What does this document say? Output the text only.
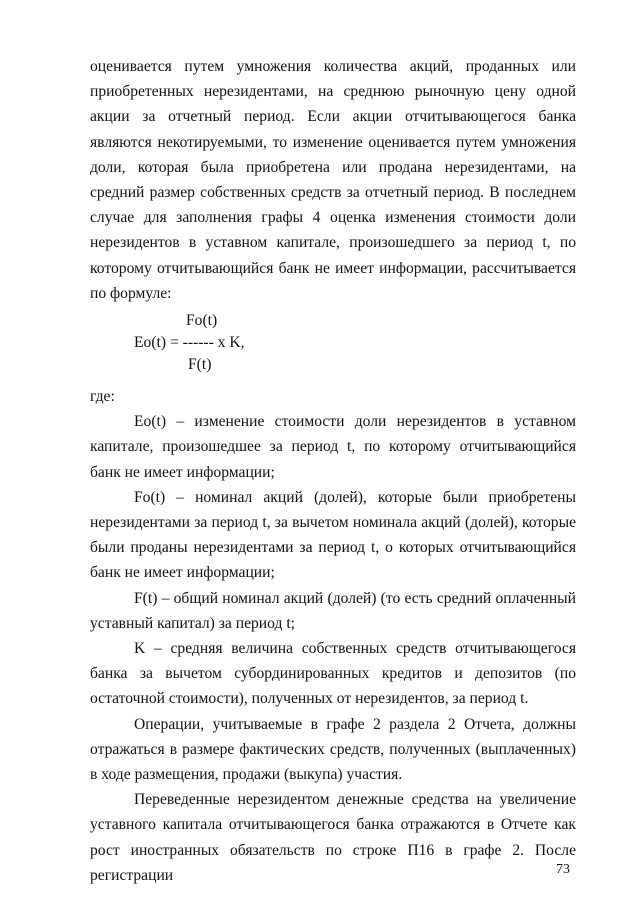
оценивается путем умножения количества акций, проданных или приобретенных нерезидентами, на среднюю рыночную цену одной акции за отчетный период. Если акции отчитывающегося банка являются некотируемыми, то изменение оценивается путем умножения доли, которая была приобретена или продана нерезидентами, на средний размер собственных средств за отчетный период. В последнем случае для заполнения графы 4 оценка изменения стоимости доли нерезидентов в уставном капитале, произошедшего за период t, по которому отчитывающийся банк не имеет информации, рассчитывается по формуле:

Fo(t)

Eo(t) = ------ x K,

F(t)

где:

Eo(t) – изменение стоимости доли нерезидентов в уставном капитале, произошедшее за период t, по которому отчитывающийся банк не имеет информации;

Fo(t) – номинал акций (долей), которые были приобретены нерезидентами за период t, за вычетом номинала акций (долей), которые были проданы нерезидентами за период t, о которых отчитывающийся банк не имеет информации;

F(t) – общий номинал акций (долей) (то есть средний оплаченный уставный капитал) за период t;

K – средняя величина собственных средств отчитывающегося банка за вычетом субординированных кредитов и депозитов (по остаточной стоимости), полученных от нерезидентов, за период t.

Операции, учитываемые в графе 2 раздела 2 Отчета, должны отражаться в размере фактических средств, полученных (выплаченных) в ходе размещения, продажи (выкупа) участия.

Переведенные нерезидентом денежные средства на увеличение уставного капитала отчитывающегося банка отражаются в Отчете как рост иностранных обязательств по строке П16 в графе 2. После регистрации	73
